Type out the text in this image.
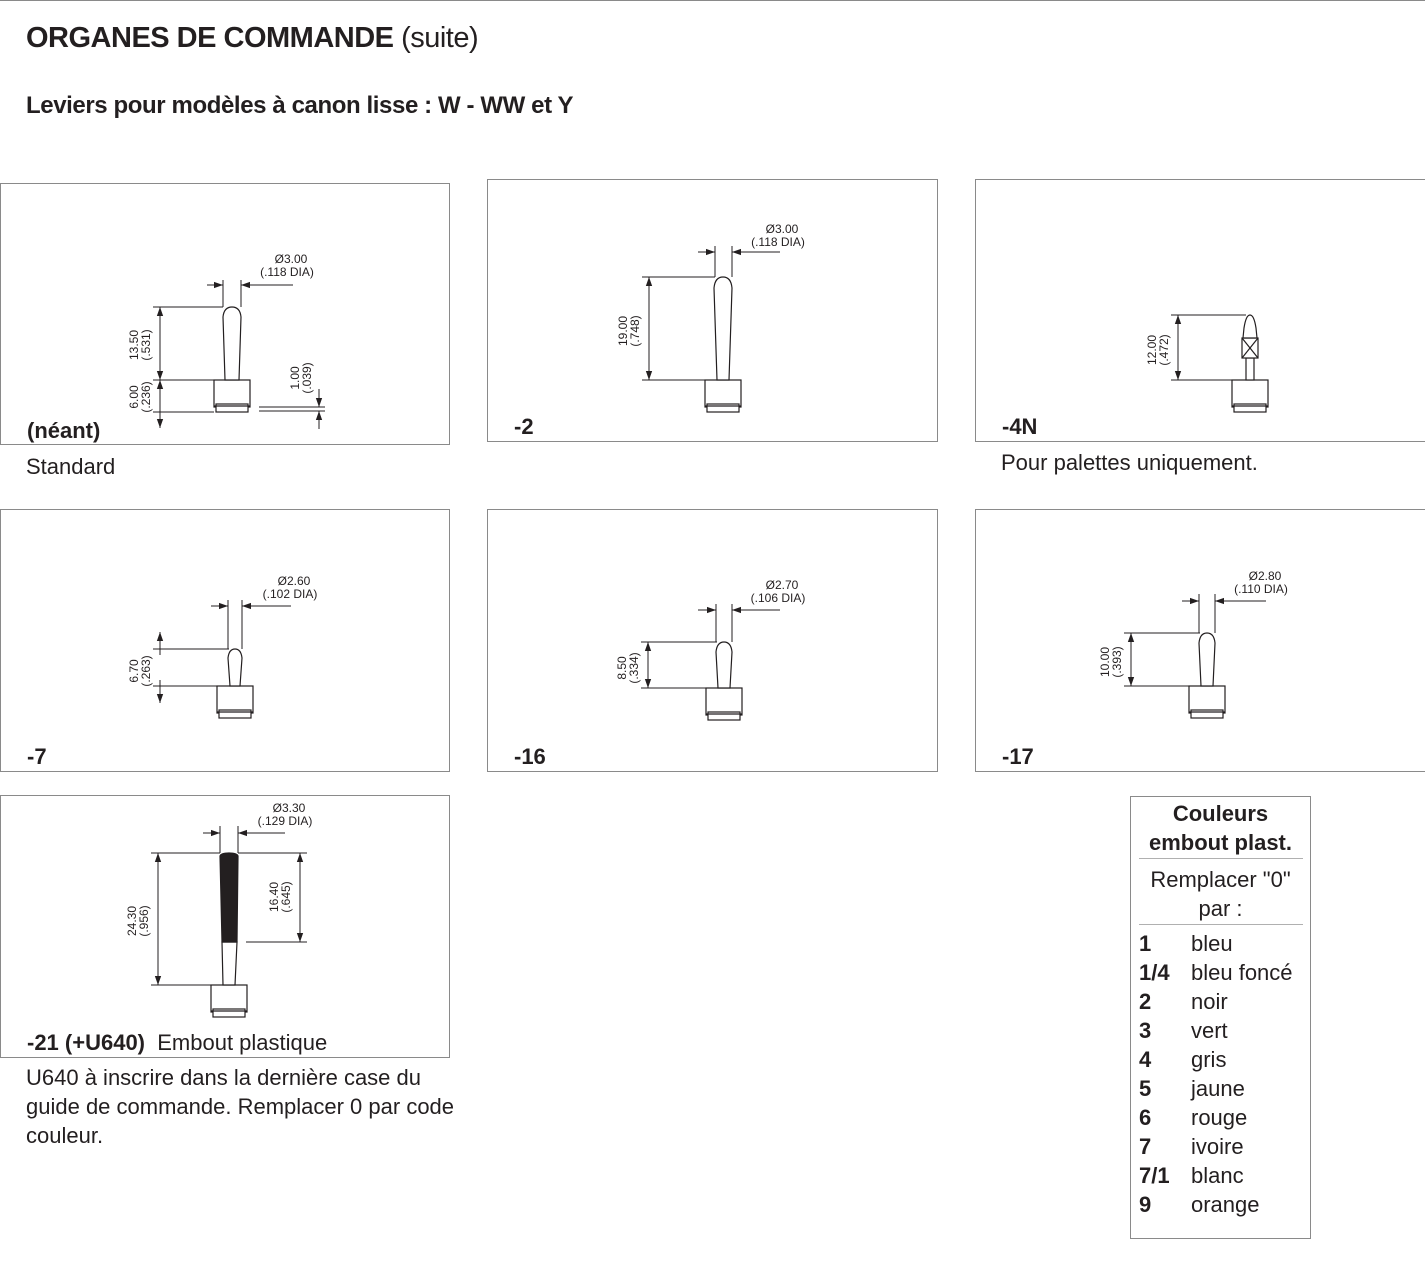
ORGANES DE COMMANDE (suite)
Leviers pour modèles à canon lisse : W - WW et Y
Ø3.00
(.118 DIA)
13.50
(.531)
6.00
(.236)
1.00
(.039)
(néant)
Standard
Ø3.00
(.118 DIA)
19.00
(.748)
-2
12.00
(.472)
-4N
Pour palettes uniquement.
Ø2.60
(.102 DIA)
6.70
(.263)
-7
Ø2.70
(.106 DIA)
8.50
(.334)
-16
Ø2.80
(.110 DIA)
10.00
(.393)
-17
Ø3.30
(.129 DIA)
24.30
(.956)
16.40
(.645)
-21 (+U640) Embout plastique
U640 à inscrire dans la dernière case du
guide de commande. Remplacer 0 par code
couleur.
Couleurs
embout plast.
Remplacer "0"
par :
1 bleu
1/4 bleu foncé
2 noir
3 vert
4 gris
5 jaune
6 rouge
7 ivoire
7/1 blanc
9 orange
